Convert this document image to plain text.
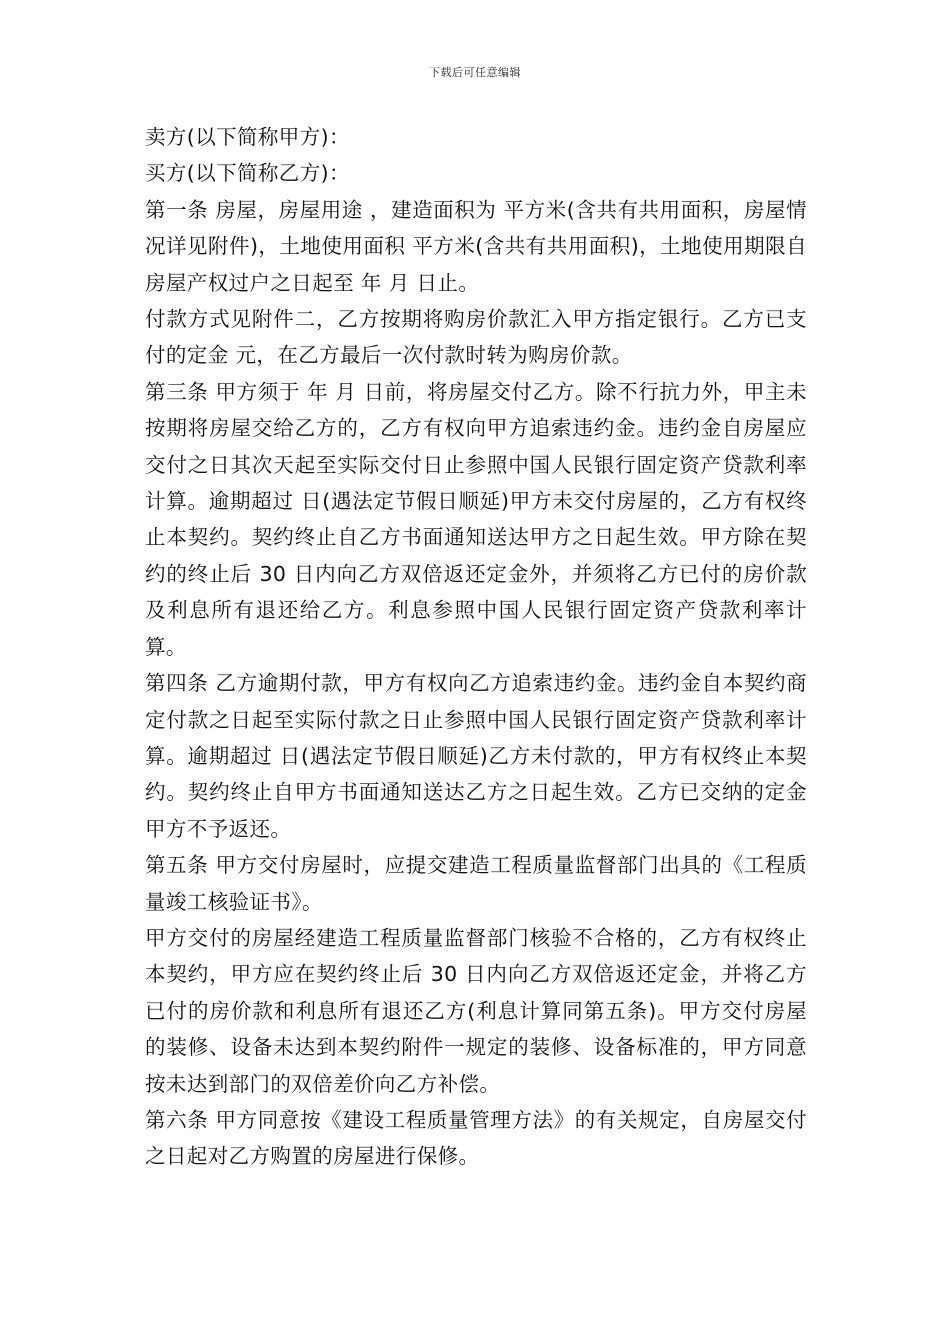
下载后可任意编辑

卖方(以下简称甲方)：

买方(以下简称乙方)：

第一条 房屋，房屋用途 ，建造面积为 平方米(含共有共用面积，房屋情况详见附件)，土地使用面积 平方米(含共有共用面积)，土地使用期限自房屋产权过户之日起至 年 月 日止。

付款方式见附件二，乙方按期将购房价款汇入甲方指定银行。乙方已支付的定金 元，在乙方最后一次付款时转为购房价款。

第三条 甲方须于 年 月 日前，将房屋交付乙方。除不行抗力外，甲主未按期将房屋交给乙方的，乙方有权向甲方追索违约金。违约金自房屋应交付之日其次天起至实际交付日止参照中国人民银行固定资产贷款利率计算。逾期超过 日(遇法定节假日顺延)甲方未交付房屋的，乙方有权终止本契约。契约终止自乙方书面通知送达甲方之日起生效。甲方除在契约的终止后 30 日内向乙方双倍返还定金外，并须将乙方已付的房价款及利息所有退还给乙方。利息参照中国人民银行固定资产贷款利率计算。

第四条 乙方逾期付款，甲方有权向乙方追索违约金。违约金自本契约商定付款之日起至实际付款之日止参照中国人民银行固定资产贷款利率计算。逾期超过 日(遇法定节假日顺延)乙方未付款的，甲方有权终止本契约。契约终止自甲方书面通知送达乙方之日起生效。乙方已交纳的定金甲方不予返还。

第五条 甲方交付房屋时，应提交建造工程质量监督部门出具的《工程质量竣工核验证书》。

甲方交付的房屋经建造工程质量监督部门核验不合格的，乙方有权终止本契约，甲方应在契约终止后 30 日内向乙方双倍返还定金，并将乙方已付的房价款和利息所有退还乙方(利息计算同第五条)。甲方交付房屋的装修、设备未达到本契约附件一规定的装修、设备标准的，甲方同意按未达到部门的双倍差价向乙方补偿。

第六条 甲方同意按《建设工程质量管理方法》的有关规定，自房屋交付之日起对乙方购置的房屋进行保修。
